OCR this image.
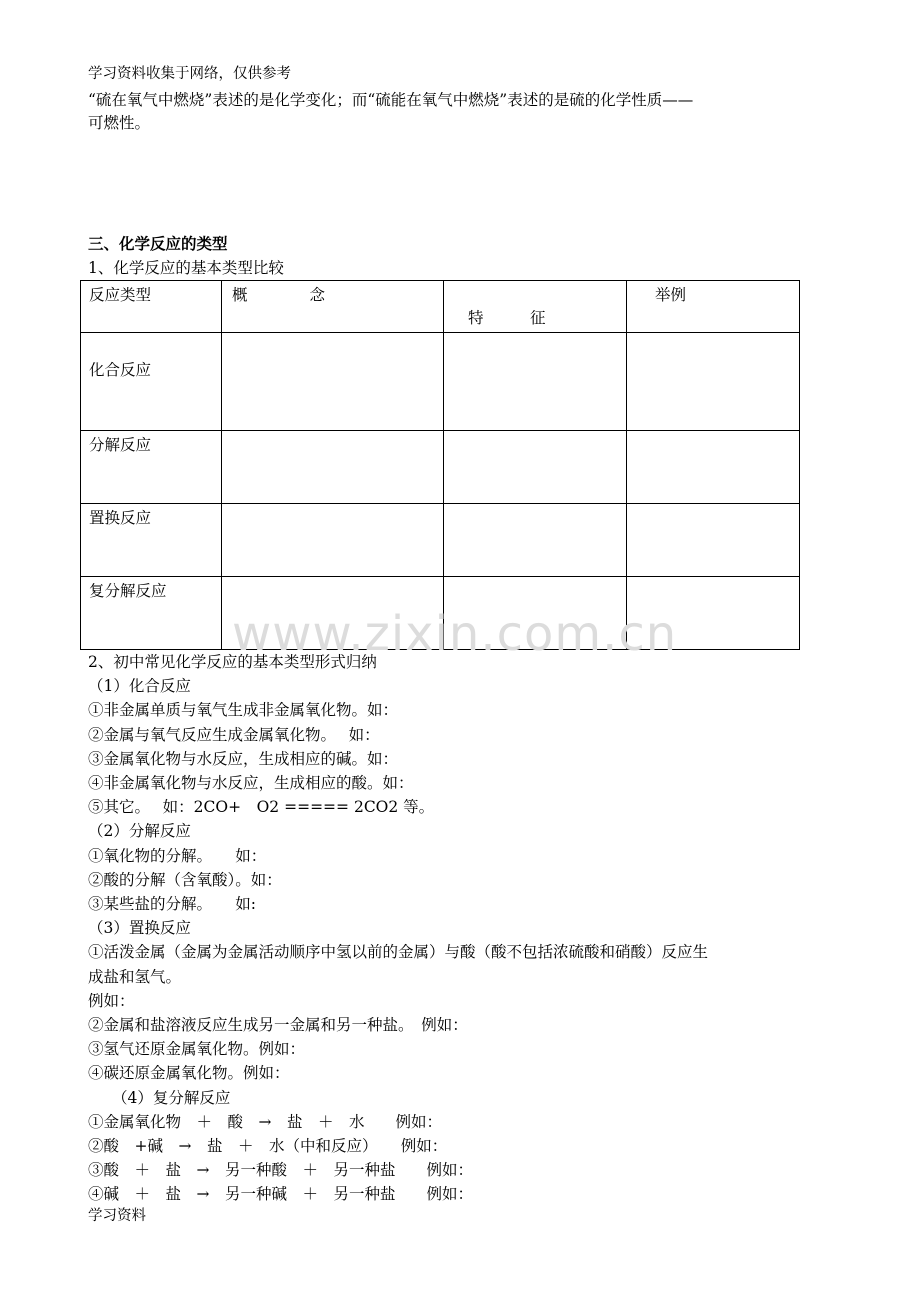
学习资料收集于网络，仅供参考
“硫在氧气中燃烧”表述的是化学变化；而“硫能在氧气中燃烧”表述的是硫的化学性质——
可燃性。
三、化学反应的类型
1、化学反应的基本类型比较
反应类型	概　　　　念	特　　　征	举例
化合反应			
分解反应			
置换反应			
复分解反应			
www.zixin.com.cn
2、初中常见化学反应的基本类型形式归纳
（1）化合反应
①非金属单质与氧气生成非金属氧化物。如：
②金属与氧气反应生成金属氧化物。　 如：
③金属氧化物与水反应，生成相应的碱。如：
④非金属氧化物与水反应，生成相应的酸。如：
⑤其它。　 如：2CO+　O2 ===== 2CO2 等。
（2）分解反应
①氧化物的分解。　　如：
②酸的分解（含氧酸）。如：
③某些盐的分解。　　如:
（3）置换反应
①活泼金属（金属为金属活动顺序中氢以前的金属）与酸（酸不包括浓硫酸和硝酸）反应生
成盐和氢气。
例如：
②金属和盐溶液反应生成另一金属和另一种盐。　例如：
③氢气还原金属氧化物。例如：
④碳还原金属氧化物。例如：
（4）复分解反应
①金属氧化物　＋　酸　→　盐　＋　水　　例如：
②酸　+碱　→　盐　＋　水（中和反应）　　例如：
③酸　＋　盐　→　另一种酸　＋　另一种盐　　例如：
④碱　＋　盐　→　另一种碱　＋　另一种盐　　例如：
学习资料
